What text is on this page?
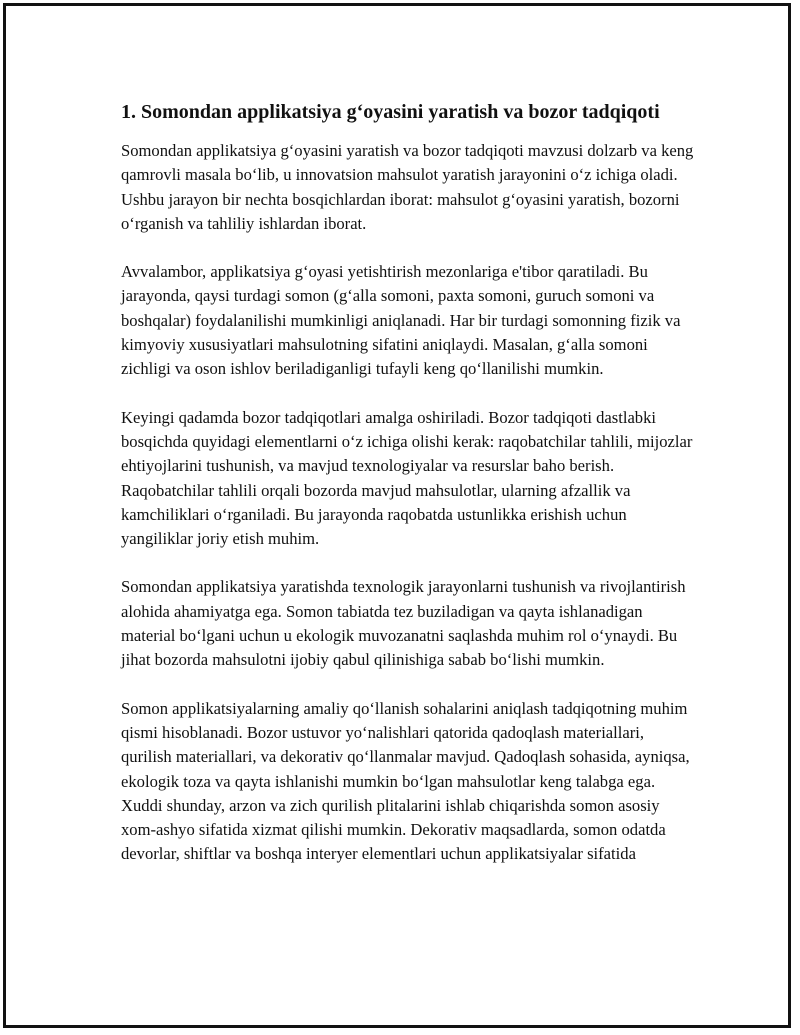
1. Somondan applikatsiya g‘oyasini yaratish va bozor tadqiqoti

Somondan applikatsiya g‘oyasini yaratish va bozor tadqiqoti mavzusi dolzarb va keng qamrovli masala bo‘lib, u innovatsion mahsulot yaratish jarayonini o‘z ichiga oladi. Ushbu jarayon bir nechta bosqichlardan iborat: mahsulot g‘oyasini yaratish, bozorni o‘rganish va tahliliy ishlardan iborat.

Avvalambor, applikatsiya g‘oyasi yetishtirish mezonlariga e'tibor qaratiladi. Bu jarayonda, qaysi turdagi somon (g‘alla somoni, paxta somoni, guruch somoni va boshqalar) foydalanilishi mumkinligi aniqlanadi. Har bir turdagi somonning fizik va kimyoviy xususiyatlari mahsulotning sifatini aniqlaydi. Masalan, g‘alla somoni zichligi va oson ishlov beriladiganligi tufayli keng qo‘llanilishi mumkin.

Keyingi qadamda bozor tadqiqotlari amalga oshiriladi. Bozor tadqiqoti dastlabki bosqichda quyidagi elementlarni o‘z ichiga olishi kerak: raqobatchilar tahlili, mijozlar ehtiyojlarini tushunish, va mavjud texnologiyalar va resurslar baho berish. Raqobatchilar tahlili orqali bozorda mavjud mahsulotlar, ularning afzallik va kamchiliklari o‘rganiladi. Bu jarayonda raqobatda ustunlikka erishish uchun yangiliklar joriy etish muhim.

Somondan applikatsiya yaratishda texnologik jarayonlarni tushunish va rivojlantirish alohida ahamiyatga ega. Somon tabiatda tez buziladigan va qayta ishlanadigan material bo‘lgani uchun u ekologik muvozanatni saqlashda muhim rol o‘ynaydi. Bu jihat bozorda mahsulotni ijobiy qabul qilinishiga sabab bo‘lishi mumkin.

Somon applikatsiyalarning amaliy qo‘llanish sohalarini aniqlash tadqiqotning muhim qismi hisoblanadi. Bozor ustuvor yo‘nalishlari qatorida qadoqlash materiallari, qurilish materiallari, va dekorativ qo‘llanmalar mavjud. Qadoqlash sohasida, ayniqsa, ekologik toza va qayta ishlanishi mumkin bo‘lgan mahsulotlar keng talabga ega. Xuddi shunday, arzon va zich qurilish plitalarini ishlab chiqarishda somon asosiy xom-ashyo sifatida xizmat qilishi mumkin. Dekorativ maqsadlarda, somon odatda devorlar, shiftlar va boshqa interyer elementlari uchun applikatsiyalar sifatida
